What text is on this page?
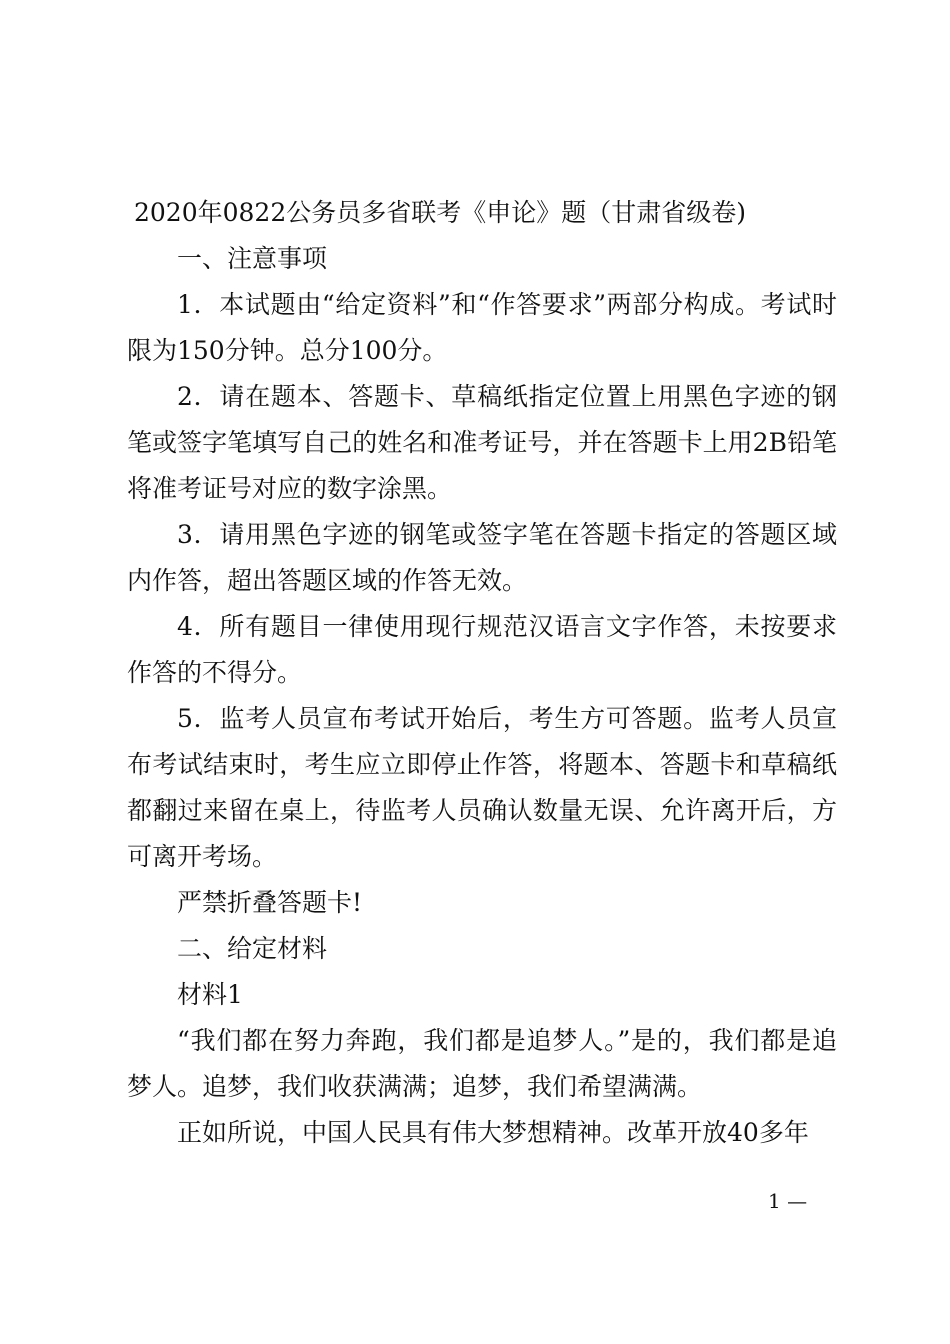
2020年0822公务员多省联考《申论》题（甘肃省级卷)

一、注意事项

1．本试题由“给定资料”和“作答要求”两部分构成。考试时限为150分钟。总分100分。

2．请在题本、答题卡、草稿纸指定位置上用黑色字迹的钢笔或签字笔填写自己的姓名和准考证号，并在答题卡上用2B铅笔将准考证号对应的数字涂黑。

3．请用黑色字迹的钢笔或签字笔在答题卡指定的答题区域内作答，超出答题区域的作答无效。

4．所有题目一律使用现行规范汉语言文字作答，未按要求作答的不得分。

5．监考人员宣布考试开始后，考生方可答题。监考人员宣布考试结束时，考生应立即停止作答，将题本、答题卡和草稿纸都翻过来留在桌上，待监考人员确认数量无误、允许离开后，方可离开考场。

严禁折叠答题卡!

二、给定材料

材料1

“我们都在努力奔跑，我们都是追梦人。”是的，我们都是追梦人。追梦，我们收获满满；追梦，我们希望满满。

正如所说，中国人民具有伟大梦想精神。改革开放40多年

1 —
